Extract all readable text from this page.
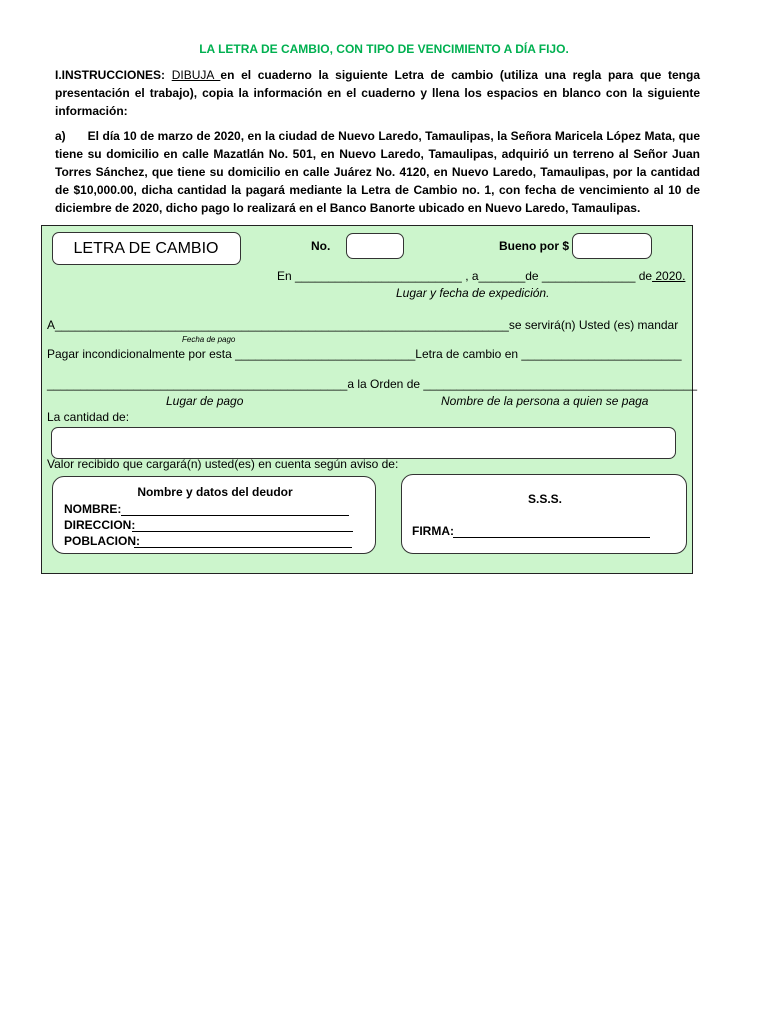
LA LETRA DE CAMBIO, CON TIPO DE VENCIMIENTO A DÍA FIJO.
I.INSTRUCCIONES: DIBUJA en el cuaderno la siguiente Letra de cambio (utiliza una regla para que tenga presentación el trabajo), copia la información en el cuaderno y llena los espacios en blanco con la siguiente información:
a) El día 10 de marzo de 2020, en la ciudad de Nuevo Laredo, Tamaulipas, la Señora Maricela López Mata, que tiene su domicilio en calle Mazatlán No. 501, en Nuevo Laredo, Tamaulipas, adquirió un terreno al Señor Juan Torres Sánchez, que tiene su domicilio en calle Juárez No. 4120, en Nuevo Laredo, Tamaulipas, por la cantidad de $10,000.00, dicha cantidad la pagará mediante la Letra de Cambio no. 1, con fecha de vencimiento al 10 de diciembre de 2020, dicho pago lo realizará en el Banco Banorte ubicado en Nuevo Laredo, Tamaulipas.
LETRA DE CAMBIO	No.	Bueno por $
En _________________________ , a_______de ______________ de 2020.
Lugar y fecha de expedición.
A____________________________________________________________________se servirá(n) Usted (es) mandar
Fecha de pago
Pagar incondicionalmente por esta ___________________________Letra de cambio en ________________________
_____________________________________________a la Orden de _________________________________________
Lugar de pago	Nombre de la persona a quien se paga
La cantidad de:
Valor recibido que cargará(n) usted(es) en cuenta según aviso de:
Nombre y datos del deudor
NOMBRE:
DIRECCION:
POBLACION:
S.S.S.
FIRMA:
